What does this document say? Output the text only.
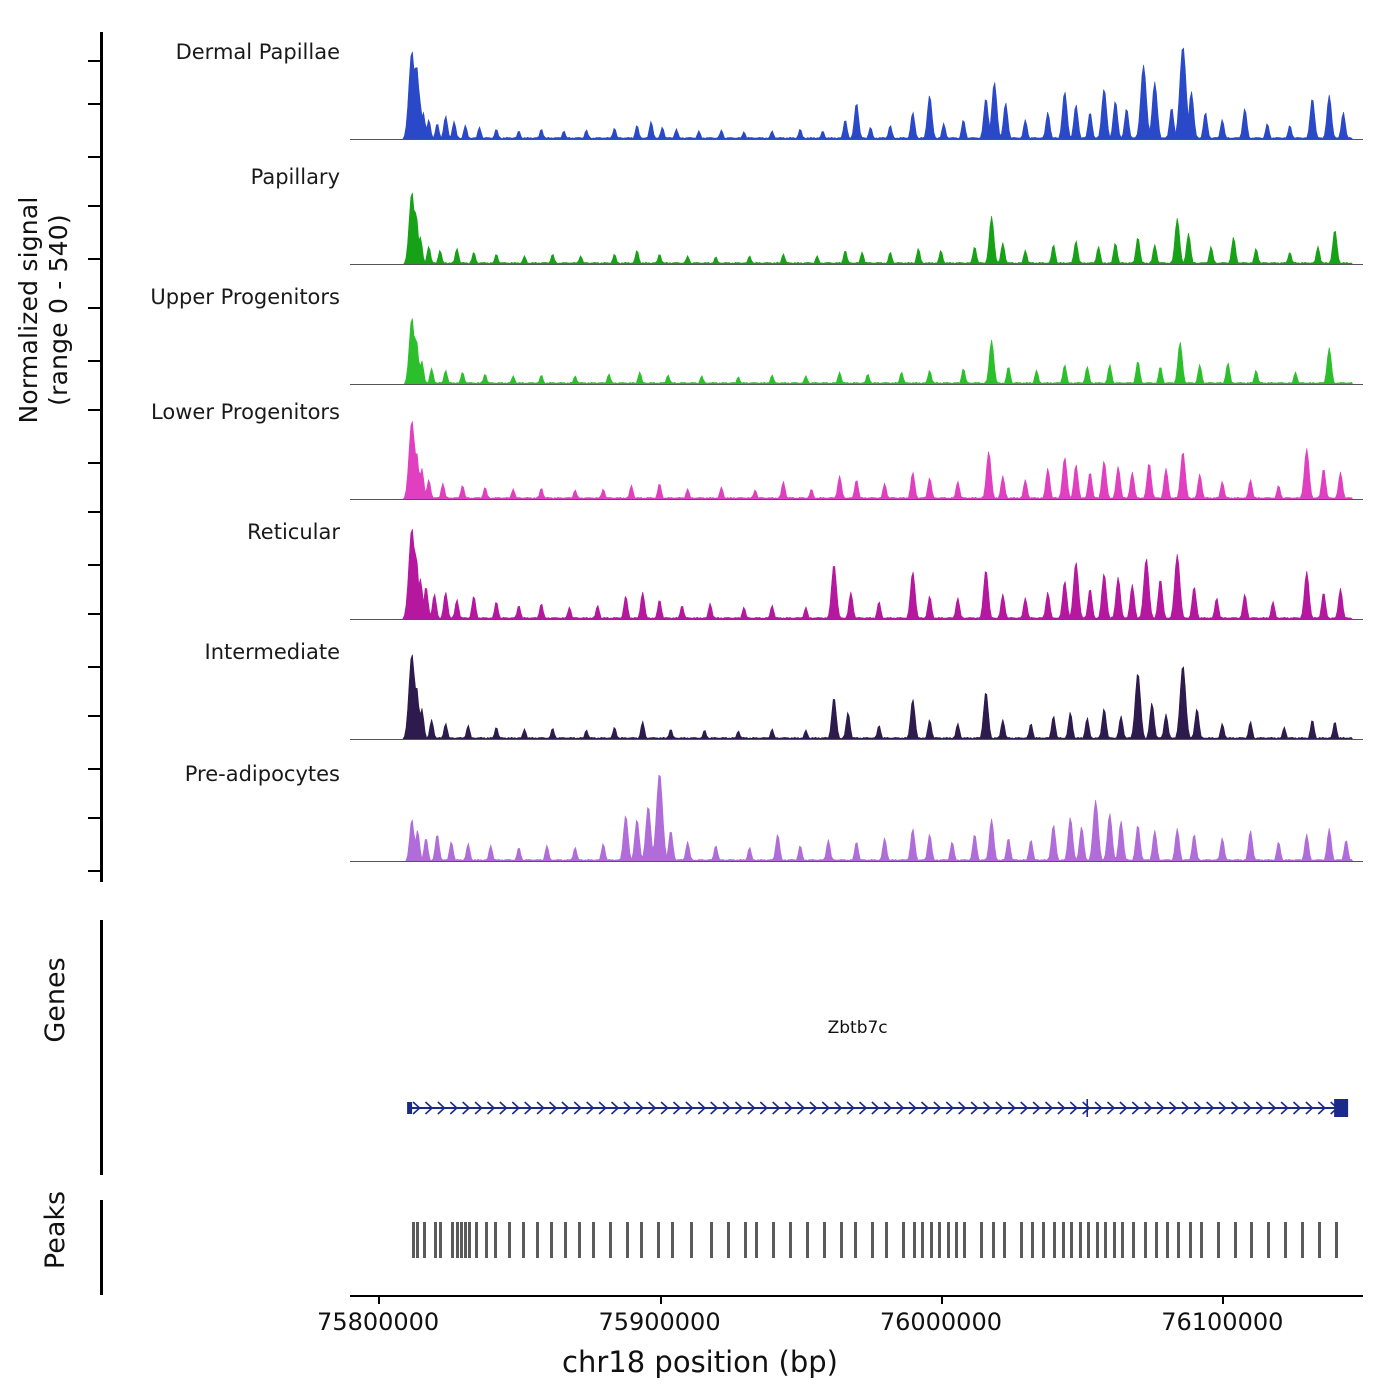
Normalized signal
(range 0 - 540)
Genes
Peaks
Dermal Papillae
Papillary
Upper Progenitors
Lower Progenitors
Reticular
Intermediate
Pre-adipocytes
Zbtb7c
75800000	75900000	76000000	76100000
chr18 position (bp)
